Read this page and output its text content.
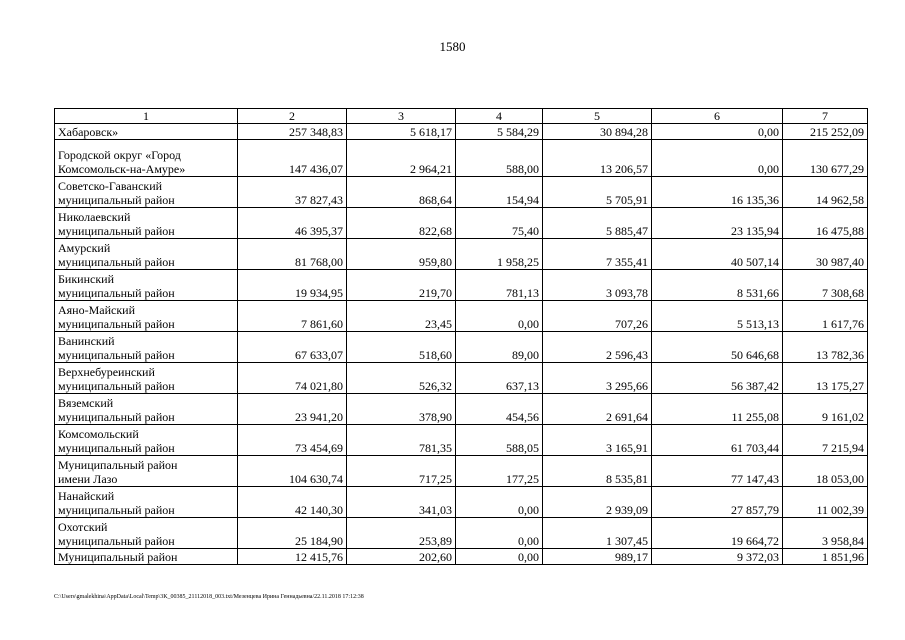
1580
1	2	3	4	5	6	7
Хабаровск»	257 348,83	5 618,17	5 584,29	30 894,28	0,00	215 252,09
Городской округ «Город
Комсомольск-на-Амуре»	147 436,07	2 964,21	588,00	13 206,57	0,00	130 677,29
Советско-Гаванский
муниципальный район	37 827,43	868,64	154,94	5 705,91	16 135,36	14 962,58
Николаевский
муниципальный район	46 395,37	822,68	75,40	5 885,47	23 135,94	16 475,88
Амурский
муниципальный район	81 768,00	959,80	1 958,25	7 355,41	40 507,14	30 987,40
Бикинский
муниципальный район	19 934,95	219,70	781,13	3 093,78	8 531,66	7 308,68
Аяно-Майский
муниципальный район	7 861,60	23,45	0,00	707,26	5 513,13	1 617,76
Ванинский
муниципальный район	67 633,07	518,60	89,00	2 596,43	50 646,68	13 782,36
Верхнебуреинский
муниципальный район	74 021,80	526,32	637,13	3 295,66	56 387,42	13 175,27
Вяземский
муниципальный район	23 941,20	378,90	454,56	2 691,64	11 255,08	9 161,02
Комсомольский
муниципальный район	73 454,69	781,35	588,05	3 165,91	61 703,44	7 215,94
Муниципальный район
имени Лазо	104 630,74	717,25	177,25	8 535,81	77 147,43	18 053,00
Нанайский
муниципальный район	42 140,30	341,03	0,00	2 939,09	27 857,79	11 002,39
Охотский
муниципальный район	25 184,90	253,89	0,00	1 307,45	19 664,72	3 958,84
Муниципальный район	12 415,76	202,60	0,00	989,17	9 372,03	1 851,96
C:\Users\gmalekhina\AppData\Local\Temp\3K_00385_21112018_003.txt/Мезенцева Ирина Геннадьевна/22.11.2018 17:12:38
